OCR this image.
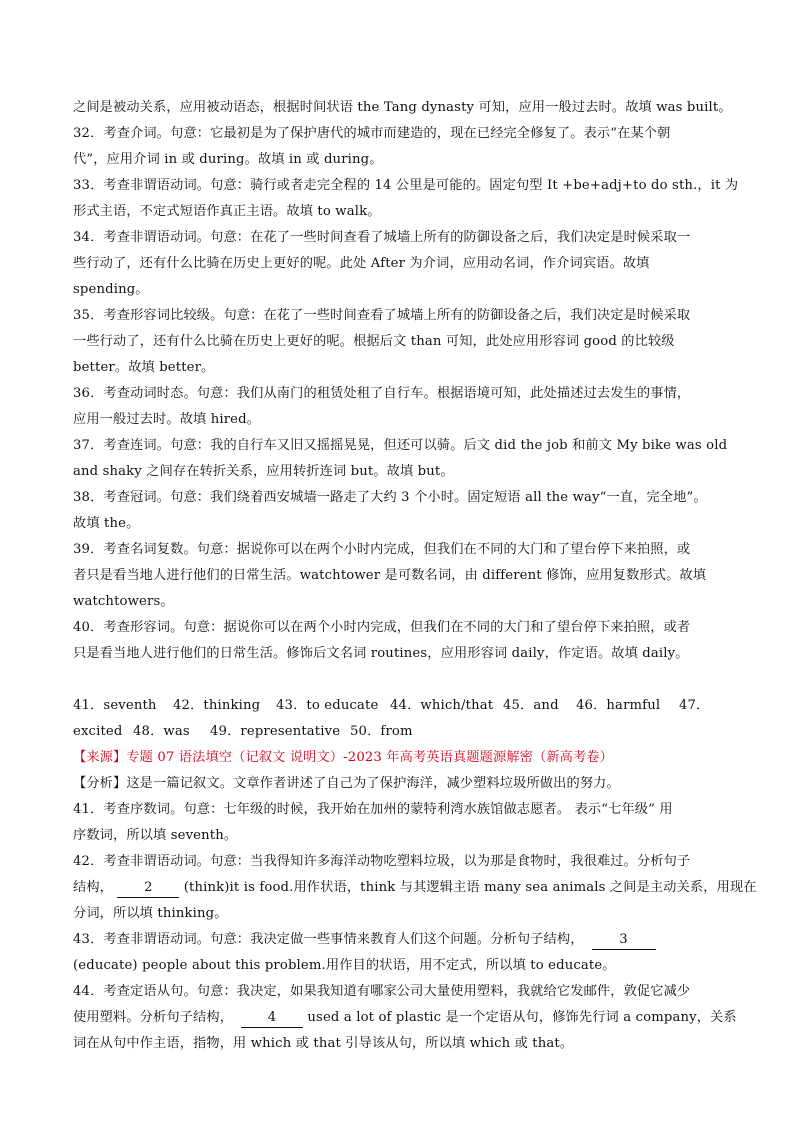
之间是被动关系，应用被动语态，根据时间状语 the Tang dynasty 可知，应用一般过去时。故填 was built。
32．考查介词。句意：它最初是为了保护唐代的城市而建造的，现在已经完全修复了。表示“在某个朝
代”，应用介词 in 或 during。故填 in 或 during。
33．考查非谓语动词。句意：骑行或者走完全程的 14 公里是可能的。固定句型 It +be+adj+to do sth.，it 为
形式主语，不定式短语作真正主语。故填 to walk。
34．考查非谓语动词。句意：在花了一些时间查看了城墙上所有的防御设备之后，我们决定是时候采取一
些行动了，还有什么比骑在历史上更好的呢。此处 After 为介词，应用动名词，作介词宾语。故填
spending。
35．考查形容词比较级。句意：在花了一些时间查看了城墙上所有的防御设备之后，我们决定是时候采取
一些行动了，还有什么比骑在历史上更好的呢。根据后文 than 可知，此处应用形容词 good 的比较级
better。故填 better。
36．考查动词时态。句意：我们从南门的租赁处租了自行车。根据语境可知，此处描述过去发生的事情，
应用一般过去时。故填 hired。
37．考查连词。句意：我的自行车又旧又摇摇晃晃，但还可以骑。后文 did the job 和前文 My bike was old
and shaky 之间存在转折关系，应用转折连词 but。故填 but。
38．考查冠词。句意：我们绕着西安城墙一路走了大约 3 个小时。固定短语 all the way“一直，完全地”。
故填 the。
39．考查名词复数。句意：据说你可以在两个小时内完成，但我们在不同的大门和了望台停下来拍照，或
者只是看当地人进行他们的日常生活。watchtower 是可数名词，由 different 修饰，应用复数形式。故填
watchtowers。
40．考查形容词。句意：据说你可以在两个小时内完成，但我们在不同的大门和了望台停下来拍照，或者
只是看当地人进行他们的日常生活。修饰后文名词 routines，应用形容词 daily，作定语。故填 daily。
41．seventh	42．thinking	43．to educate 44．which/that 45．and	46．harmful	47．
excited 48．was	49．representative 50．from
【来源】专题 07 语法填空（记叙文 说明文）-2023 年高考英语真题题源解密（新高考卷）
【分析】这是一篇记叙文。文章作者讲述了自己为了保护海洋，减少塑料垃圾所做出的努力。
41．考查序数词。句意：七年级的时候，我开始在加州的蒙特利湾水族馆做志愿者。 表示“七年级” 用
序数词，所以填 seventh。
42．考查非谓语动词。句意：当我得知许多海洋动物吃塑料垃圾，以为那是食物时，我很难过。分析句子
结构， 2 (think)it is food.用作状语，think 与其逻辑主语 many sea animals 之间是主动关系，用现在
分词，所以填 thinking。
43．考查非谓语动词。句意：我决定做一些事情来教育人们这个问题。分析句子结构，	3
(educate) people about this problem.用作目的状语，用不定式，所以填 to educate。
44．考查定语从句。句意：我决定，如果我知道有哪家公司大量使用塑料，我就给它发邮件，敦促它减少
使用塑料。分析句子结构，	4 used a lot of plastic 是一个定语从句，修饰先行词 a company，关系
词在从句中作主语，指物，用 which 或 that 引导该从句，所以填 which 或 that。
